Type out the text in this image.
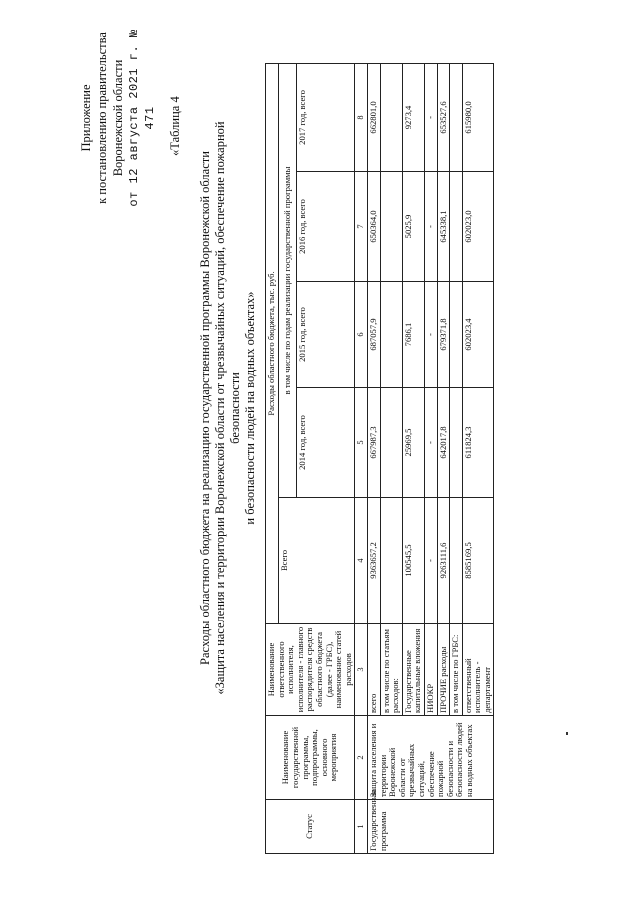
Приложение к постановлению правительства Воронежской области от 12 августа 2021 г. № 471 «Таблица 4
Расходы областного бюджета на реализацию государственной программы Воронежской области «Защита населения и территории Воронежской области от чрезвычайных ситуаций, обеспечение пожарной безопасности и безопасности людей на водных объектах»
Статус	Наименование государственной программы, подпрограммы, основного мероприятия	Наименование ответственного исполнителя, исполнителя - главного распорядителя средств областного бюджета (далее - ГРБС), наименование статей расходов	Расходы областного бюджета, тыс. руб.				
			Всего	в том числе по годам реализации государственной программы			
				2014 год, всего	2015 год, всего	2016 год, всего	2017 год, всего
1	2	3	4	5	6	7	8
Государственная программа	Защита населения и территории Воронежской области от чрезвычайных ситуаций, обеспечение пожарной безопасности и безопасности людей на водных объектах	всего	9363657,2	667987,3	687057,9	650364,0	662801,0
		в том числе по статьям расходов:					
		Государственные капитальные вложения	100545,5	25969,5	7686,1	5025,9	9273,4
		НИОКР	-	-	-	-	-
		ПРОЧИЕ расходы	9263111,6	642017,8	679371,8	645338,1	653527,6
		в том числе по ГРБС:					
		ответственный исполнитель - департамент	8585169,5	611824,3	602023,4	602023,0	615980,0
